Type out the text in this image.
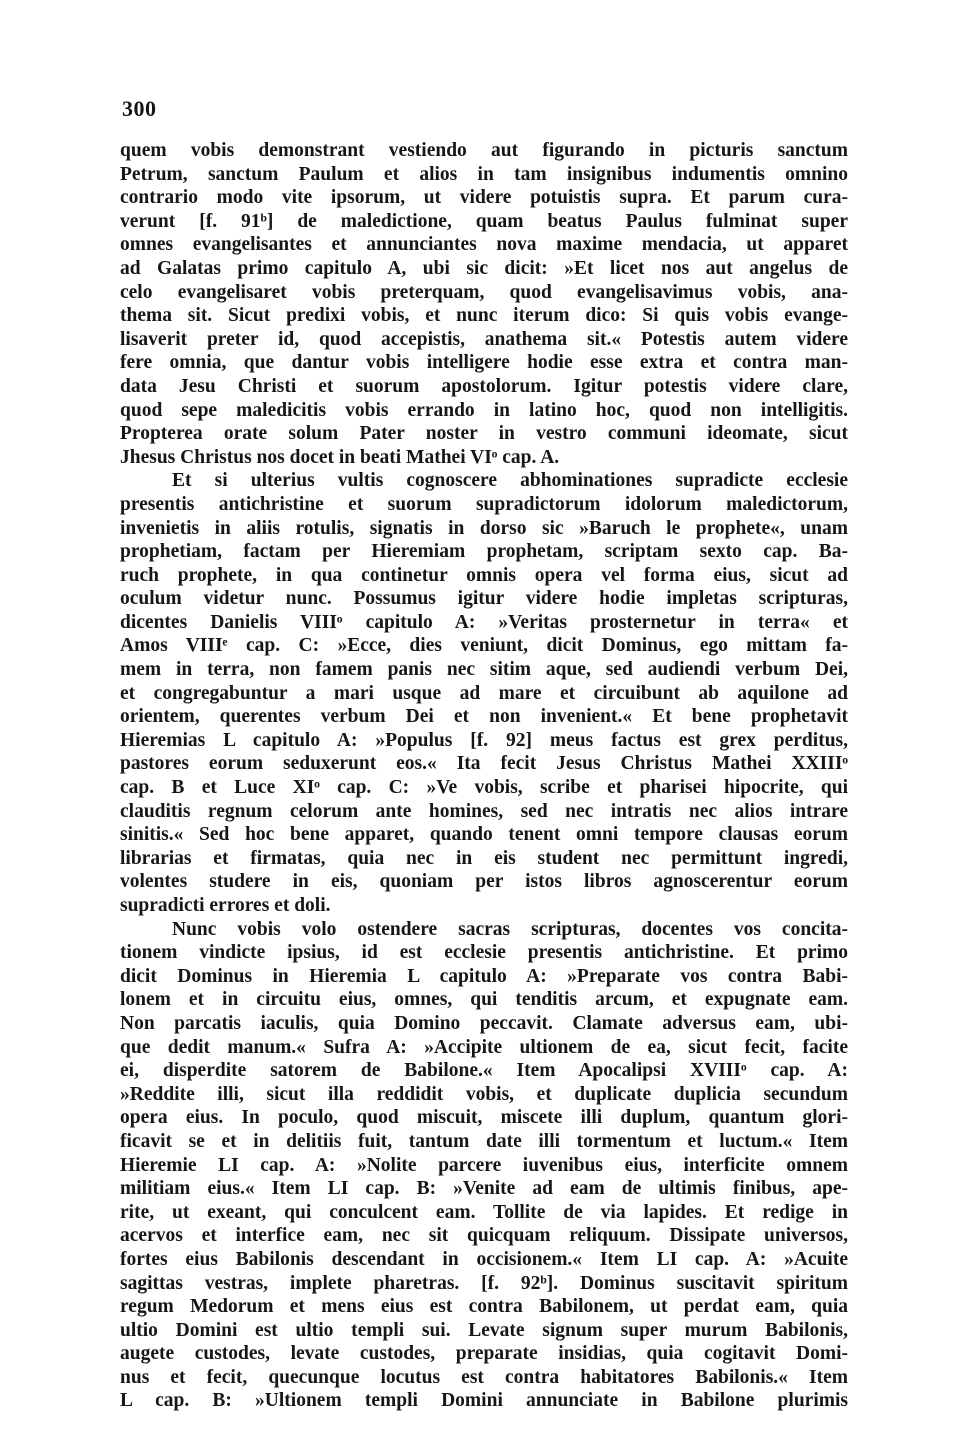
300
quem vobis demonstrant vestiendo aut figurando in picturis sanctum
Petrum, sanctum Paulum et alios in tam insignibus indumentis omnino
contrario modo vite ipsorum, ut videre potuistis supra. Et parum cura-
verunt [f. 91ᵇ] de maledictione, quam beatus Paulus fulminat super
omnes evangelisantes et annunciantes nova maxime mendacia, ut apparet
ad Galatas primo capitulo A, ubi sic dicit: »Et licet nos aut angelus de
celo evangelisaret vobis preterquam, quod evangelisavimus vobis, ana-
thema sit. Sicut predixi vobis, et nunc iterum dico: Si quis vobis evange-
lisaverit preter id, quod accepistis, anathema sit.« Potestis autem videre
fere omnia, que dantur vobis intelligere hodie esse extra et contra man-
data Jesu Christi et suorum apostolorum. Igitur potestis videre clare,
quod sepe maledicitis vobis errando in latino hoc, quod non intelligitis.
Propterea orate solum Pater noster in vestro communi ideomate, sicut
Jhesus Christus nos docet in beati Mathei VIᵒ cap. A.
Et si ulterius vultis cognoscere abhominationes supradicte ecclesie
presentis antichristine et suorum supradictorum idolorum maledictorum,
invenietis in aliis rotulis, signatis in dorso sic »Baruch le prophete«, unam
prophetiam, factam per Hieremiam prophetam, scriptam sexto cap. Ba-
ruch prophete, in qua continetur omnis opera vel forma eius, sicut ad
oculum videtur nunc. Possumus igitur videre hodie impletas scripturas,
dicentes Danielis VIIIᵒ capitulo A: »Veritas prosternetur in terra« et
Amos VIIIᵉ cap. C: »Ecce, dies veniunt, dicit Dominus, ego mittam fa-
mem in terra, non famem panis nec sitim aque, sed audiendi verbum Dei,
et congregabuntur a mari usque ad mare et circuibunt ab aquilone ad
orientem, querentes verbum Dei et non invenient.« Et bene prophetavit
Hieremias L capitulo A: »Populus [f. 92] meus factus est grex perditus,
pastores eorum seduxerunt eos.« Ita fecit Jesus Christus Mathei XXIIIᵒ
cap. B et Luce XIᵒ cap. C: »Ve vobis, scribe et pharisei hipocrite, qui
clauditis regnum celorum ante homines, sed nec intratis nec alios intrare
sinitis.« Sed hoc bene apparet, quando tenent omni tempore clausas eorum
librarias et firmatas, quia nec in eis student nec permittunt ingredi,
volentes studere in eis, quoniam per istos libros agnoscerentur eorum
supradicti errores et doli.
Nunc vobis volo ostendere sacras scripturas, docentes vos concita-
tionem vindicte ipsius, id est ecclesie presentis antichristine. Et primo
dicit Dominus in Hieremia L capitulo A: »Preparate vos contra Babi-
lonem et in circuitu eius, omnes, qui tenditis arcum, et expugnate eam.
Non parcatis iaculis, quia Domino peccavit. Clamate adversus eam, ubi-
que dedit manum.« Sufra A: »Accipite ultionem de ea, sicut fecit, facite
ei, disperdite satorem de Babilone.« Item Apocalipsi XVIIIᵒ cap. A:
»Reddite illi, sicut illa reddidit vobis, et duplicate duplicia secundum
opera eius. In poculo, quod miscuit, miscete illi duplum, quantum glori-
ficavit se et in delitiis fuit, tantum date illi tormentum et luctum.« Item
Hieremie LI cap. A: »Nolite parcere iuvenibus eius, interficite omnem
militiam eius.« Item LI cap. B: »Venite ad eam de ultimis finibus, ape-
rite, ut exeant, qui conculcent eam. Tollite de via lapides. Et redige in
acervos et interfice eam, nec sit quicquam reliquum. Dissipate universos,
fortes eius Babilonis descendant in occisionem.« Item LI cap. A: »Acuite
sagittas vestras, implete pharetras. [f. 92ᵇ]. Dominus suscitavit spiritum
regum Medorum et mens eius est contra Babilonem, ut perdat eam, quia
ultio Domini est ultio templi sui. Levate signum super murum Babilonis,
augete custodes, levate custodes, preparate insidias, quia cogitavit Domi-
nus et fecit, quecunque locutus est contra habitatores Babilonis.« Item
L cap. B: »Ultionem templi Domini annunciate in Babilone plurimis
